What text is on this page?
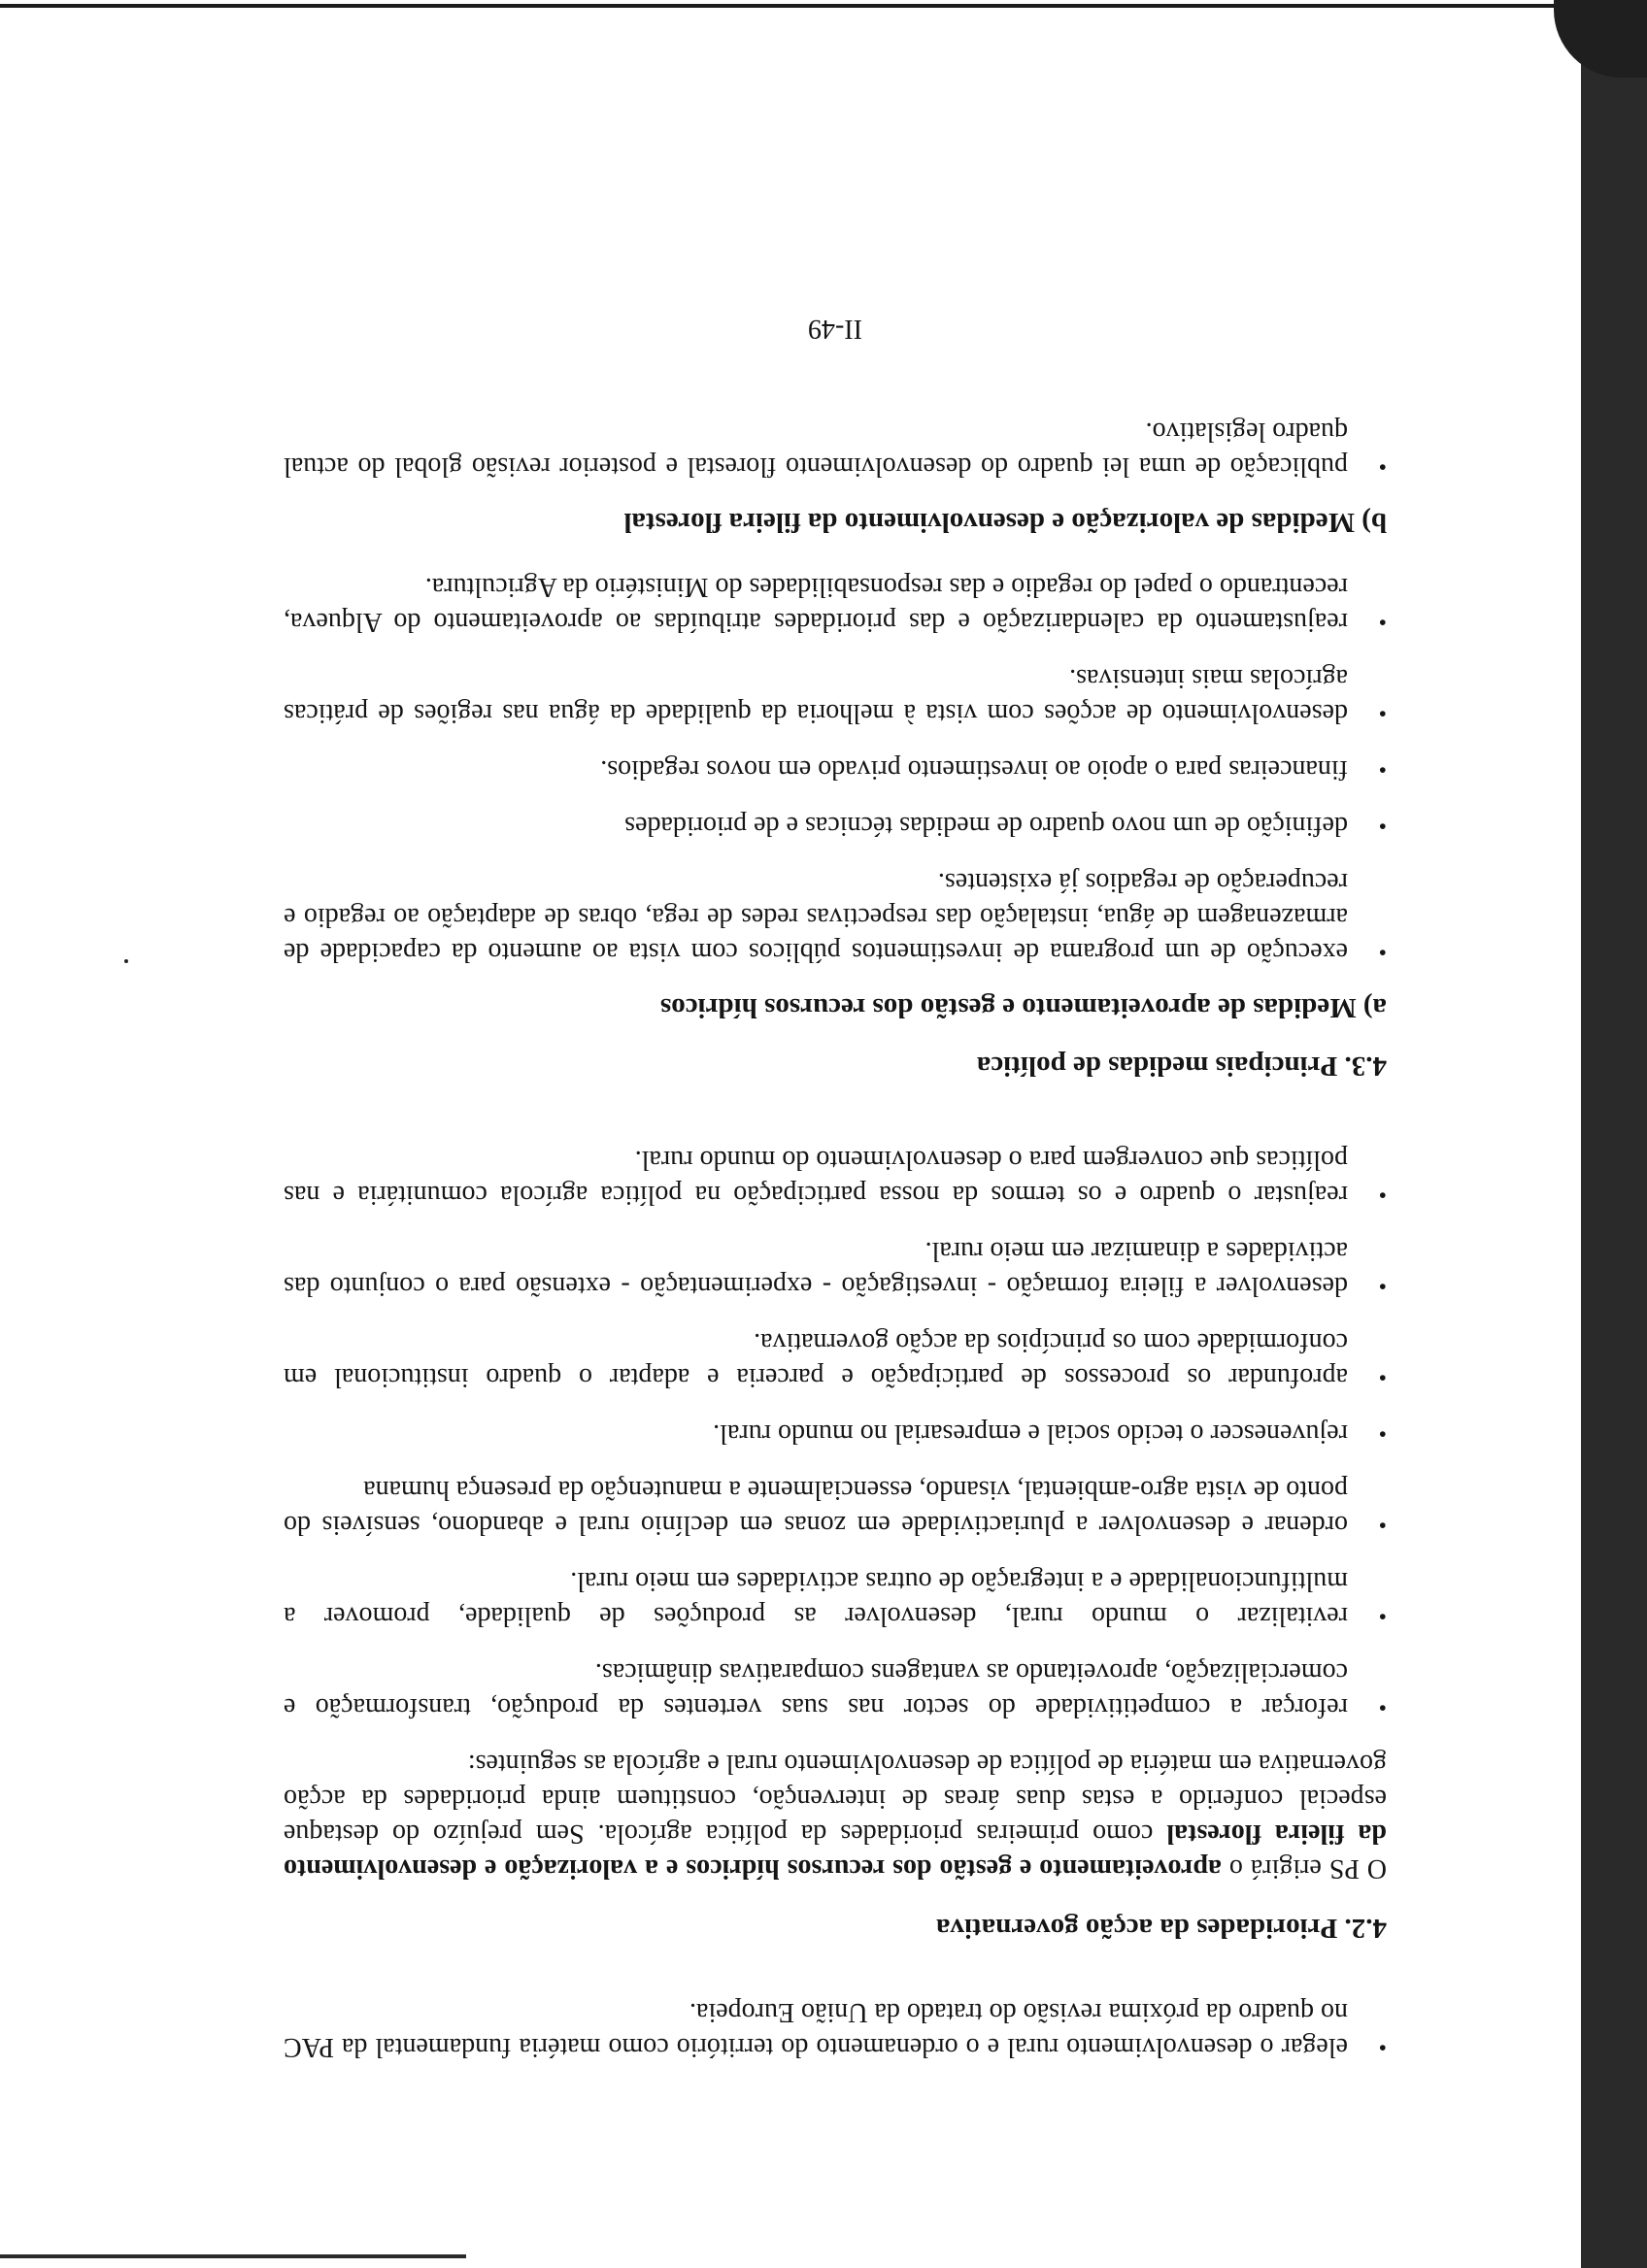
• elegar o desenvolvimento rural e o ordenamento do território como matéria fundamental da PAC no quadro da próxima revisão do tratado da União Europeia.
4.2. Prioridades da acção governativa

O PS erigirá o aproveitamento e gestão dos recursos hídricos e a valorização e desenvolvimento da fileira florestal como primeiras prioridades da política agrícola. Sem prejuízo do destaque especial conferido a estas duas áreas de intervenção, constituem ainda prioridades da acção governativa em matéria de política de desenvolvimento rural e agrícola as seguintes:

• reforçar a competitividade do sector nas suas vertentes da produção, transformação e comercialização, aproveitando as vantagens comparativas dinâmicas.
• revitalizar o mundo rural, desenvolver as produções de qualidade, promover a multifuncionalidade e a integração de outras actividades em meio rural.
• ordenar e desenvolver a pluriactividade em zonas em declínio rural e abandono, sensíveis do ponto de vista agro-ambiental, visando, essencialmente a manutenção da presença humana
• rejuvenescer o tecido social e empresarial no mundo rural.
• aprofundar os processos de participação e parceria e adaptar o quadro institucional em conformidade com os princípios da acção governativa.
• desenvolver a fileira formação - investigação - experimentação - extensão para o conjunto das actividades a dinamizar em meio rural.
• reajustar o quadro e os termos da nossa participação na política agrícola comunitária e nas políticas que convergem para o desenvolvimento do mundo rural.
4.3. Principais medidas de política
a) Medidas de aproveitamento e gestão dos recursos hídricos
• execução de um programa de investimentos públicos com vista ao aumento da capacidade de armazenagem de água, instalação das respectivas redes de rega, obras de adaptação ao regadio e recuperação de regadios já existentes.
• definição de um novo quadro de medidas técnicas e de prioridades
• financeiras para o apoio ao investimento privado em novos regadios.
• desenvolvimento de acções com vista à melhoria da qualidade da água nas regiões de práticas agrícolas mais intensivas.
• reajustamento da calendarização e das prioridades atribuídas ao aproveitamento do Alqueva, recentrando o papel do regadio e das responsabilidades do Ministério da Agricultura.
b) Medidas de valorização e desenvolvimento da fileira florestal
• publicação de uma lei quadro do desenvolvimento florestal e posterior revisão global do actual quadro legislativo.
II-49
